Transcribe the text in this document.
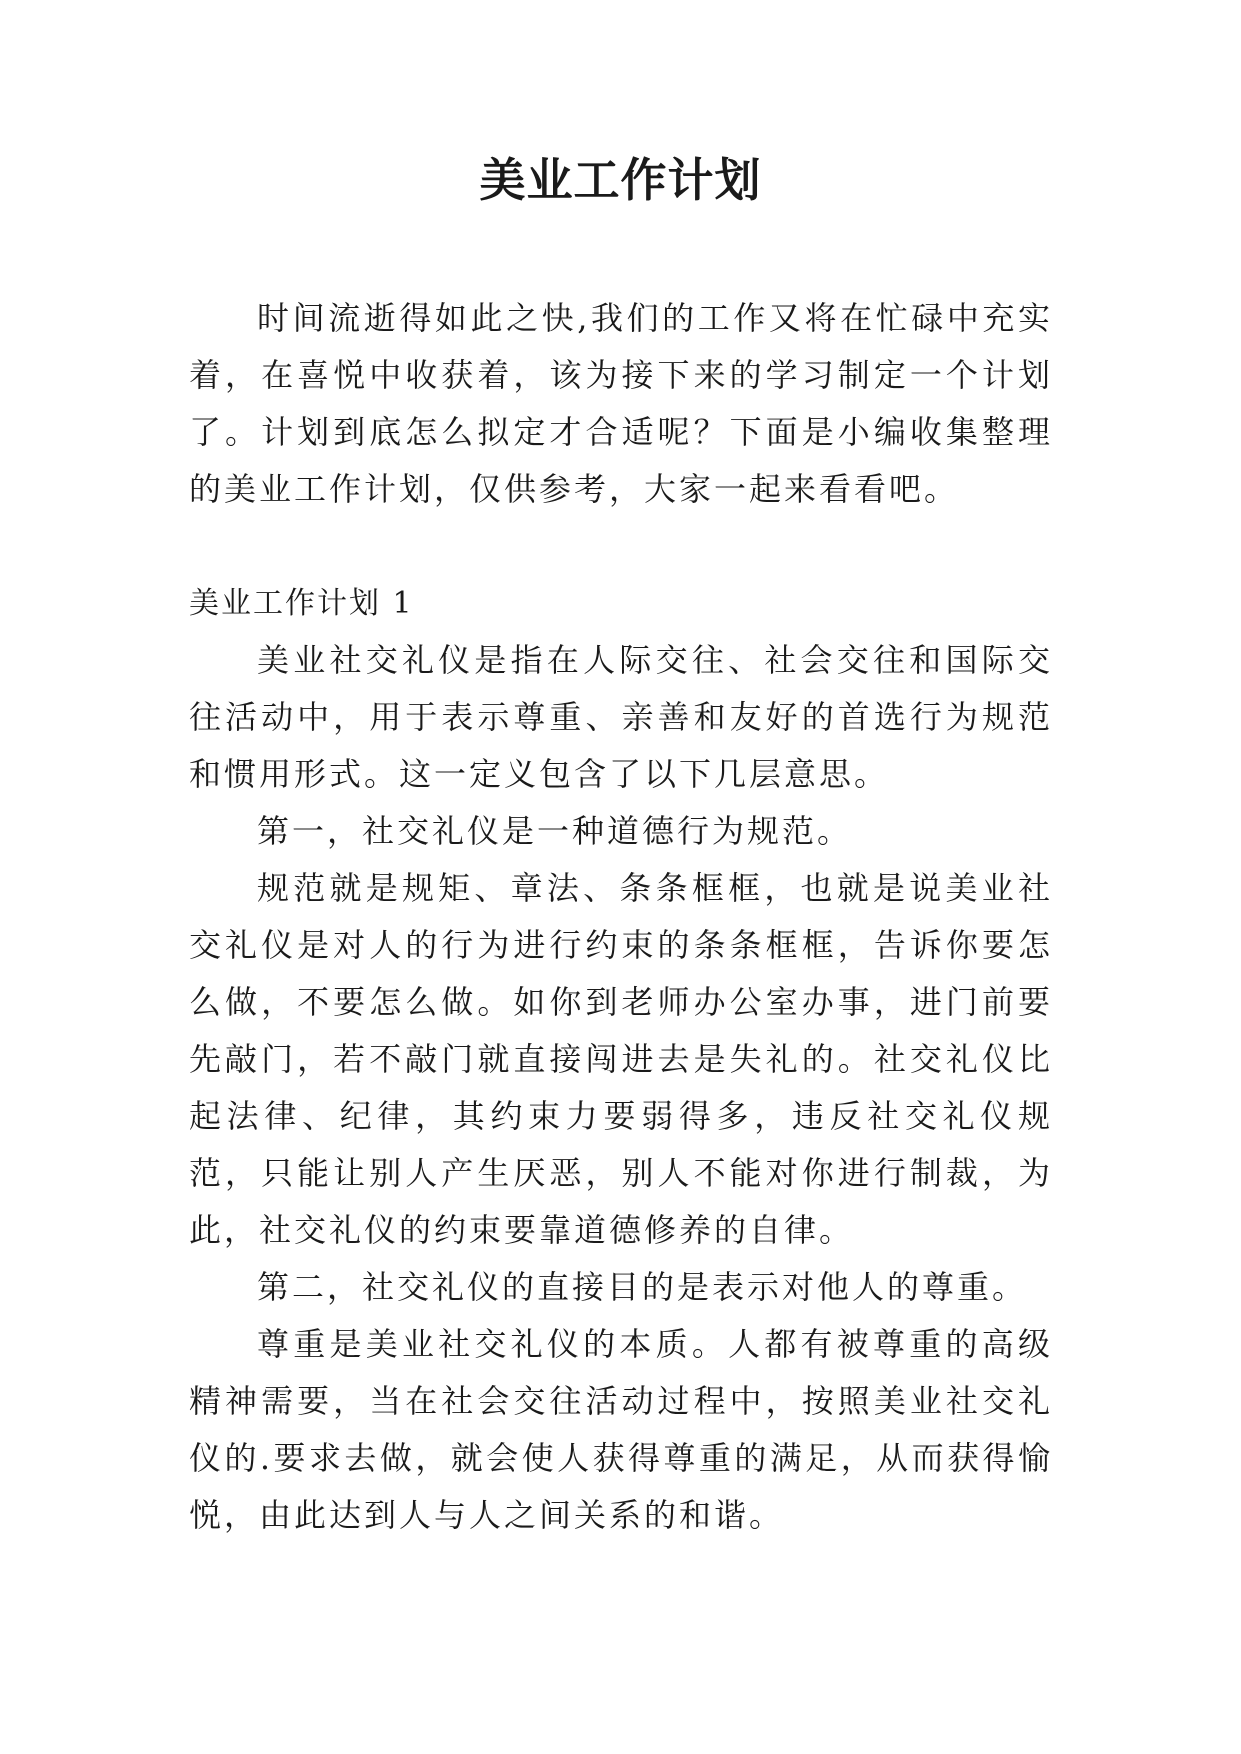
美业工作计划

时间流逝得如此之快,我们的工作又将在忙碌中充实着，在喜悦中收获着，该为接下来的学习制定一个计划了。计划到底怎么拟定才合适呢？下面是小编收集整理的美业工作计划，仅供参考，大家一起来看看吧。

美业工作计划 1

美业社交礼仪是指在人际交往、社会交往和国际交往活动中，用于表示尊重、亲善和友好的首选行为规范和惯用形式。这一定义包含了以下几层意思。

第一，社交礼仪是一种道德行为规范。

规范就是规矩、章法、条条框框，也就是说美业社交礼仪是对人的行为进行约束的条条框框，告诉你要怎么做，不要怎么做。如你到老师办公室办事，进门前要先敲门，若不敲门就直接闯进去是失礼的。社交礼仪比起法律、纪律，其约束力要弱得多，违反社交礼仪规范，只能让别人产生厌恶，别人不能对你进行制裁，为此，社交礼仪的约束要靠道德修养的自律。

第二，社交礼仪的直接目的是表示对他人的尊重。

尊重是美业社交礼仪的本质。人都有被尊重的高级精神需要，当在社会交往活动过程中，按照美业社交礼仪的.要求去做，就会使人获得尊重的满足，从而获得愉悦，由此达到人与人之间关系的和谐。
